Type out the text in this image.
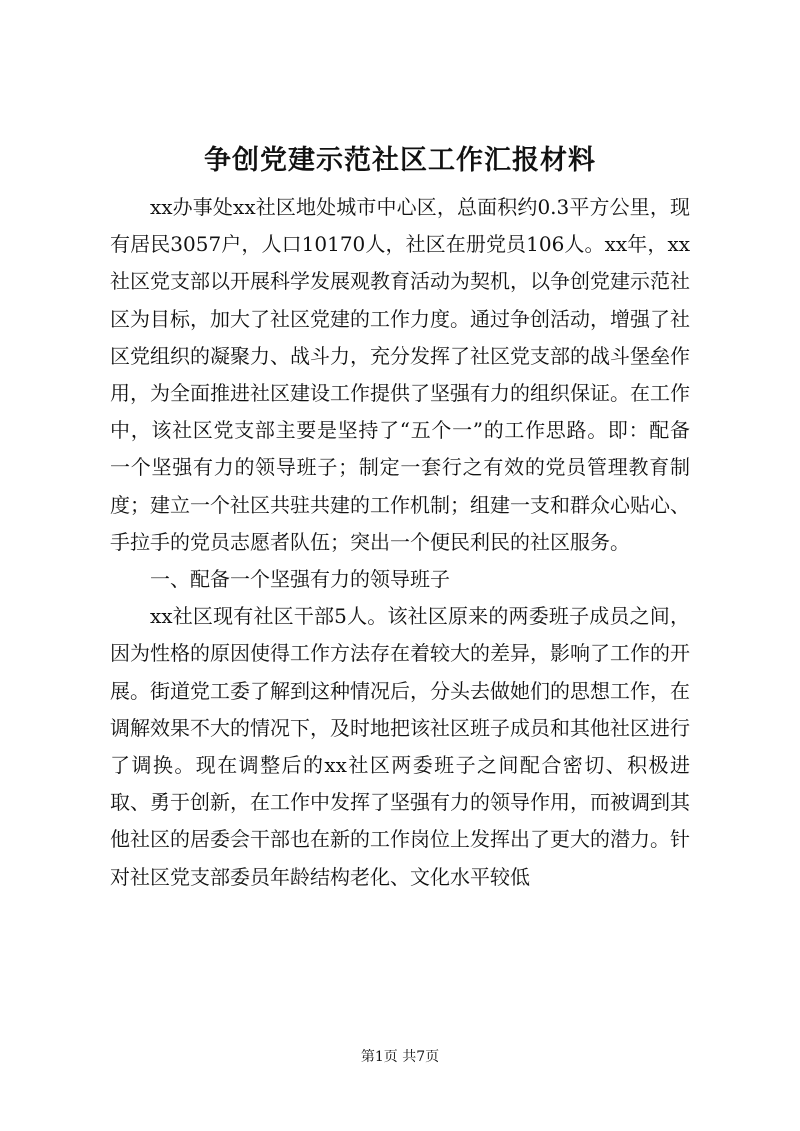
争创党建示范社区工作汇报材料

xx办事处xx社区地处城市中心区，总面积约0.3平方公里，现有居民3057户，人口10170人，社区在册党员106人。xx年，xx社区党支部以开展科学发展观教育活动为契机，以争创党建示范社区为目标，加大了社区党建的工作力度。通过争创活动，增强了社区党组织的凝聚力、战斗力，充分发挥了社区党支部的战斗堡垒作用，为全面推进社区建设工作提供了坚强有力的组织保证。在工作中，该社区党支部主要是坚持了“五个一”的工作思路。即：配备一个坚强有力的领导班子；制定一套行之有效的党员管理教育制度；建立一个社区共驻共建的工作机制；组建一支和群众心贴心、手拉手的党员志愿者队伍；突出一个便民利民的社区服务。

一、配备一个坚强有力的领导班子

xx社区现有社区干部5人。该社区原来的两委班子成员之间，因为性格的原因使得工作方法存在着较大的差异，影响了工作的开展。街道党工委了解到这种情况后，分头去做她们的思想工作，在调解效果不大的情况下，及时地把该社区班子成员和其他社区进行了调换。现在调整后的xx社区两委班子之间配合密切、积极进取、勇于创新，在工作中发挥了坚强有力的领导作用，而被调到其他社区的居委会干部也在新的工作岗位上发挥出了更大的潜力。针对社区党支部委员年龄结构老化、文化水平较低

第1页 共7页
